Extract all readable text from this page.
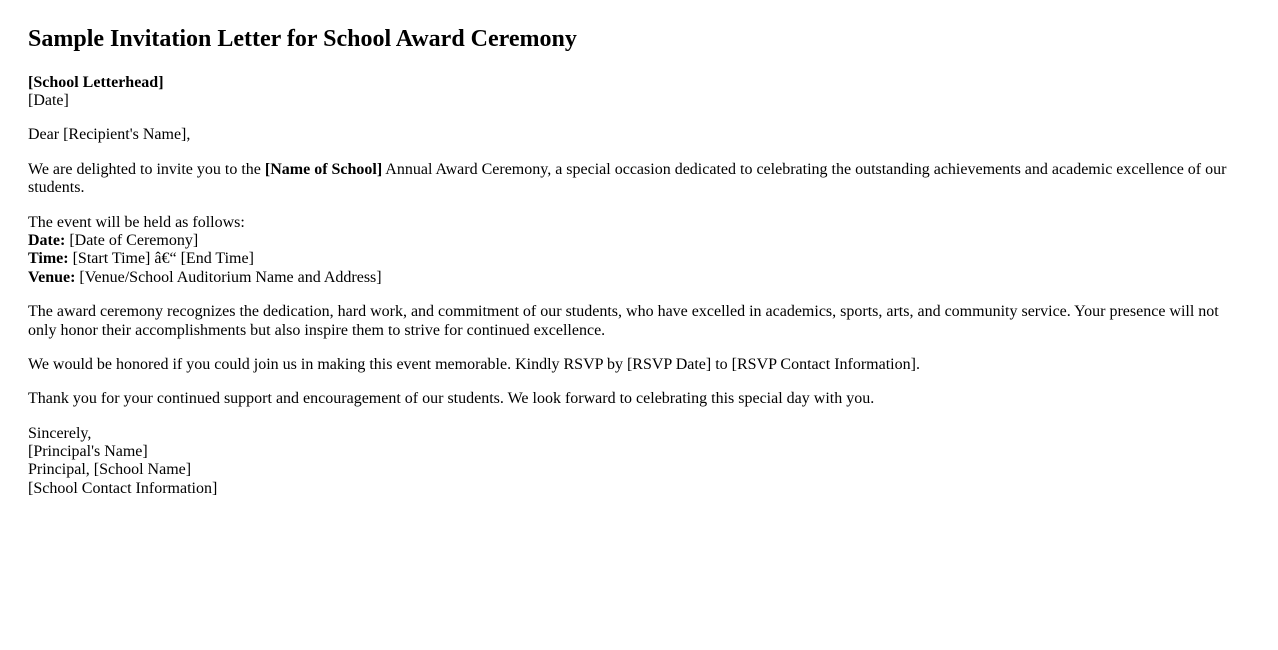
Sample Invitation Letter for School Award Ceremony

[School Letterhead]
[Date]

Dear [Recipient's Name],

We are delighted to invite you to the [Name of School] Annual Award Ceremony, a special occasion dedicated to celebrating the outstanding achievements and academic excellence of our students.

The event will be held as follows:
Date: [Date of Ceremony]
Time: [Start Time] â€“ [End Time]
Venue: [Venue/School Auditorium Name and Address]

The award ceremony recognizes the dedication, hard work, and commitment of our students, who have excelled in academics, sports, arts, and community service. Your presence will not only honor their accomplishments but also inspire them to strive for continued excellence.

We would be honored if you could join us in making this event memorable. Kindly RSVP by [RSVP Date] to [RSVP Contact Information].

Thank you for your continued support and encouragement of our students. We look forward to celebrating this special day with you.

Sincerely,
[Principal's Name]
Principal, [School Name]
[School Contact Information]
